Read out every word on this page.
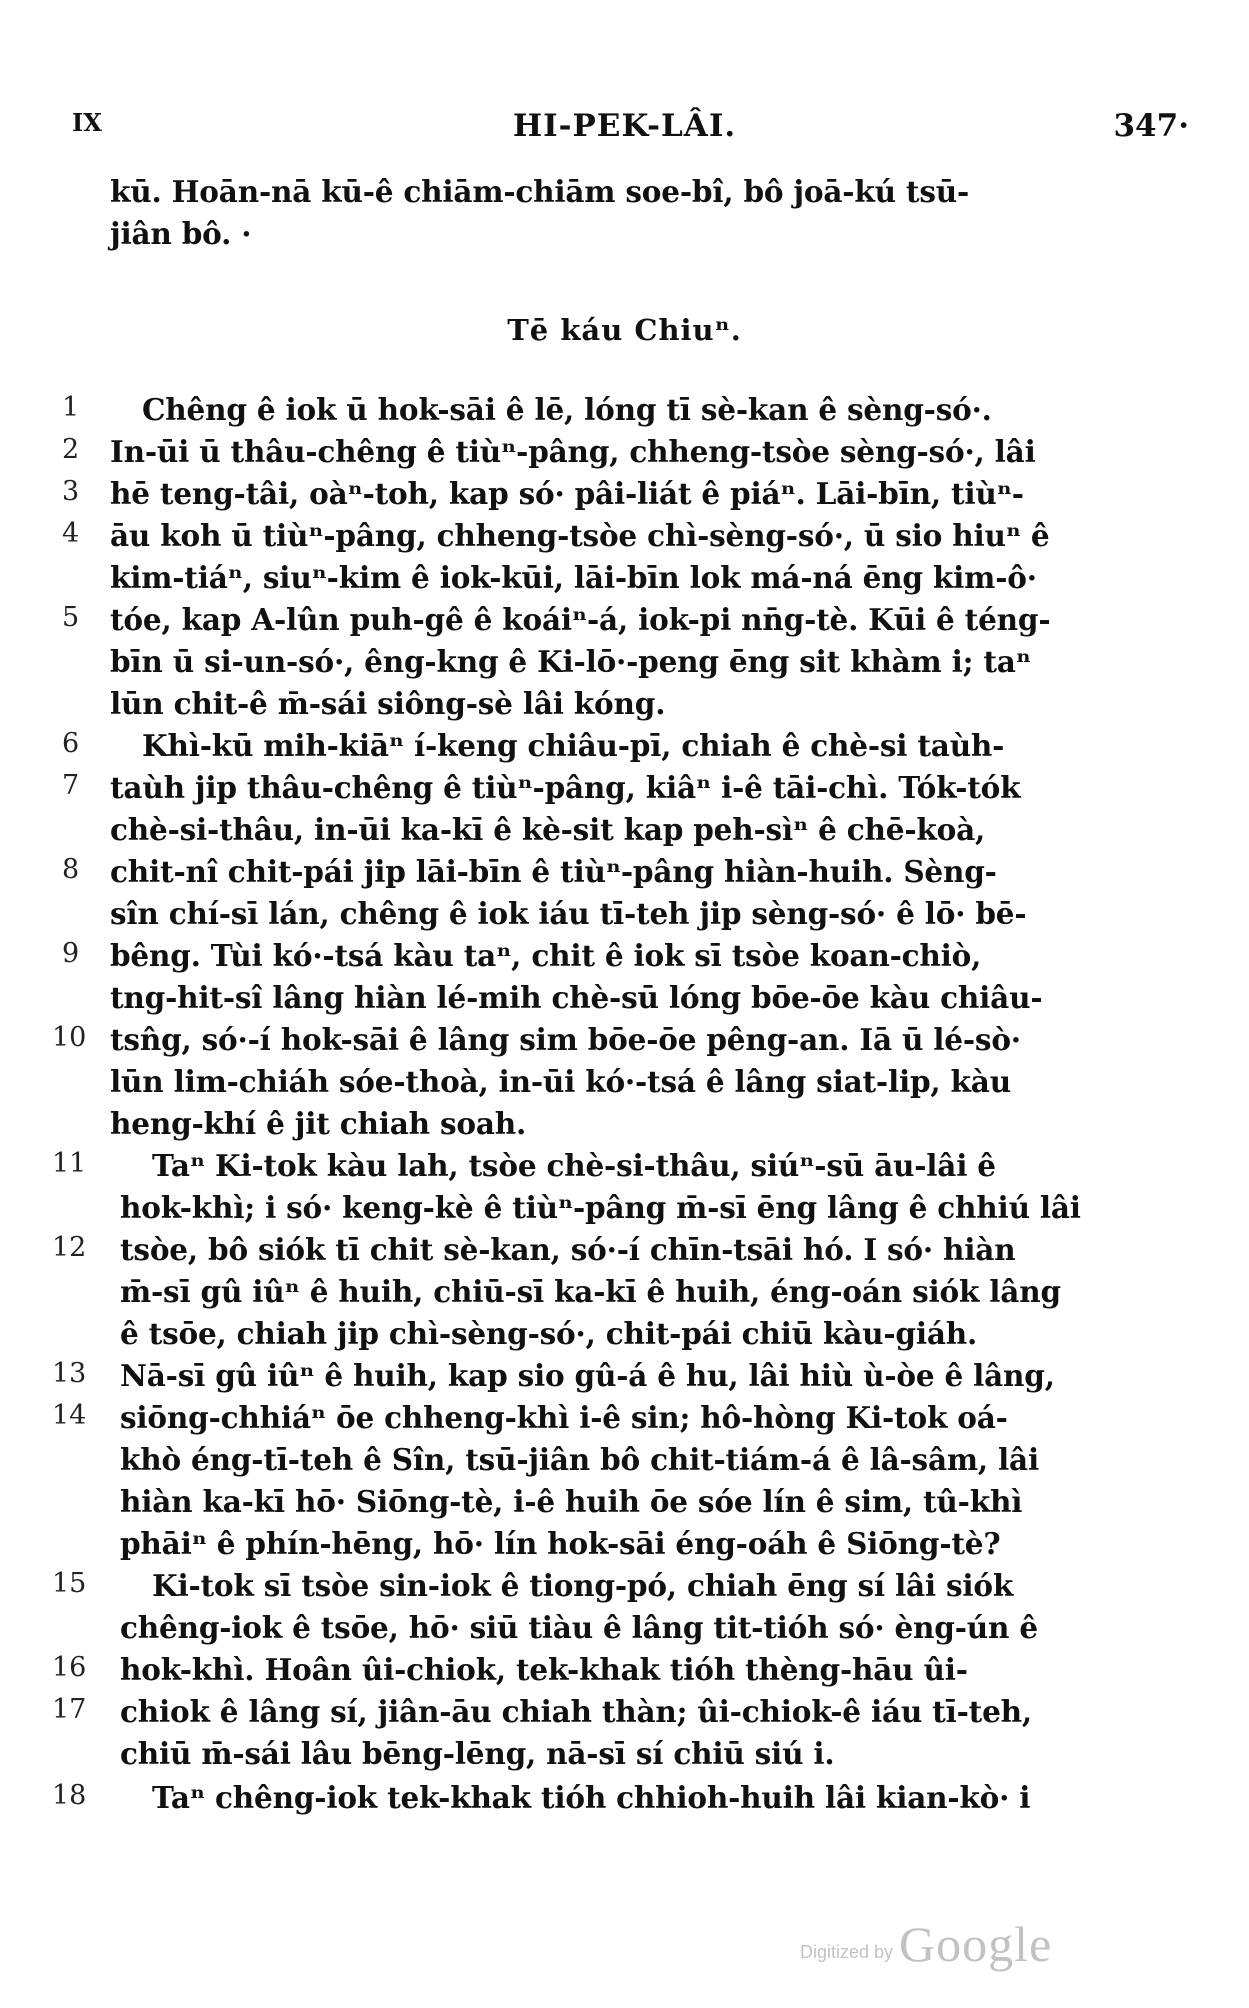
IX	HI-PEK-LÂI.	347·
kū. Hoān-nā kū-ê chiām-chiām soe-bî, bô joā-kú tsū-
jiân bô. ·
Tē káu Chiuⁿ.
1
2
3
4
5
6
7
8
9
10
11
12
13
14
15
16
17
18
Chêng ê iok ū hok-sāi ê lē, lóng tī sè-kan ê sèng-só·.
In-ūi ū thâu-chêng ê tiùⁿ-pâng, chheng-tsòe sèng-só·, lâi
hē teng-tâi, oàⁿ-toh, kap só· pâi-liát ê piáⁿ. Lāi-bīn, tiùⁿ-
āu koh ū tiùⁿ-pâng, chheng-tsòe chì-sèng-só·, ū sio hiuⁿ ê
kim-tiáⁿ, siuⁿ-kim ê iok-kūi, lāi-bīn lok má-ná ēng kim-ô·
tóe, kap A-lûn puh-gê ê koáiⁿ-á, iok-pi nn̄g-tè. Kūi ê téng-
bīn ū si-un-só·, êng-kng ê Ki-lō·-peng ēng sit khàm i; taⁿ
lūn chit-ê m̄-sái siông-sè lâi kóng.
Khì-kū mih-kiāⁿ í-keng chiâu-pī, chiah ê chè-si taùh-
taùh jip thâu-chêng ê tiùⁿ-pâng, kiâⁿ i-ê tāi-chì. Tók-tók
chè-si-thâu, in-ūi ka-kī ê kè-sit kap peh-sìⁿ ê chē-koà,
chit-nî chit-pái jip lāi-bīn ê tiùⁿ-pâng hiàn-huih. Sèng-
sîn chí-sī lán, chêng ê iok iáu tī-teh jip sèng-só· ê lō· bē-
bêng. Tùi kó·-tsá kàu taⁿ, chit ê iok sī tsòe koan-chiò,
tng-hit-sî lâng hiàn lé-mih chè-sū lóng bōe-ōe kàu chiâu-
tsn̂g, só·-í hok-sāi ê lâng sim bōe-ōe pêng-an. Iā ū lé-sò·
lūn lim-chiáh sóe-thoà, in-ūi kó·-tsá ê lâng siat-lip, kàu
heng-khí ê jit chiah soah.
Taⁿ Ki-tok kàu lah, tsòe chè-si-thâu, siúⁿ-sū āu-lâi ê
hok-khì; i só· keng-kè ê tiùⁿ-pâng m̄-sī ēng lâng ê chhiú lâi
tsòe, bô siók tī chit sè-kan, só·-í chīn-tsāi hó. I só· hiàn
m̄-sī gû iûⁿ ê huih, chiū-sī ka-kī ê huih, éng-oán siók lâng
ê tsōe, chiah jip chì-sèng-só·, chit-pái chiū kàu-giáh.
Nā-sī gû iûⁿ ê huih, kap sio gû-á ê hu, lâi hiù ù-òe ê lâng,
siōng-chhiáⁿ ōe chheng-khì i-ê sin; hô-hòng Ki-tok oá-
khò éng-tī-teh ê Sîn, tsū-jiân bô chit-tiám-á ê lâ-sâm, lâi
hiàn ka-kī hō· Siōng-tè, i-ê huih ōe sóe lín ê sim, tû-khì
phāiⁿ ê phín-hēng, hō· lín hok-sāi éng-oáh ê Siōng-tè?
Ki-tok sī tsòe sin-iok ê tiong-pó, chiah ēng sí lâi siók
chêng-iok ê tsōe, hō· siū tiàu ê lâng tit-tióh só· èng-ún ê
hok-khì. Hoân ûi-chiok, tek-khak tióh thèng-hāu ûi-
chiok ê lâng sí, jiân-āu chiah thàn; ûi-chiok-ê iáu tī-teh,
chiū m̄-sái lâu bēng-lēng, nā-sī sí chiū siú i.
Taⁿ chêng-iok tek-khak tióh chhioh-huih lâi kian-kò· i
Digitized by Google
